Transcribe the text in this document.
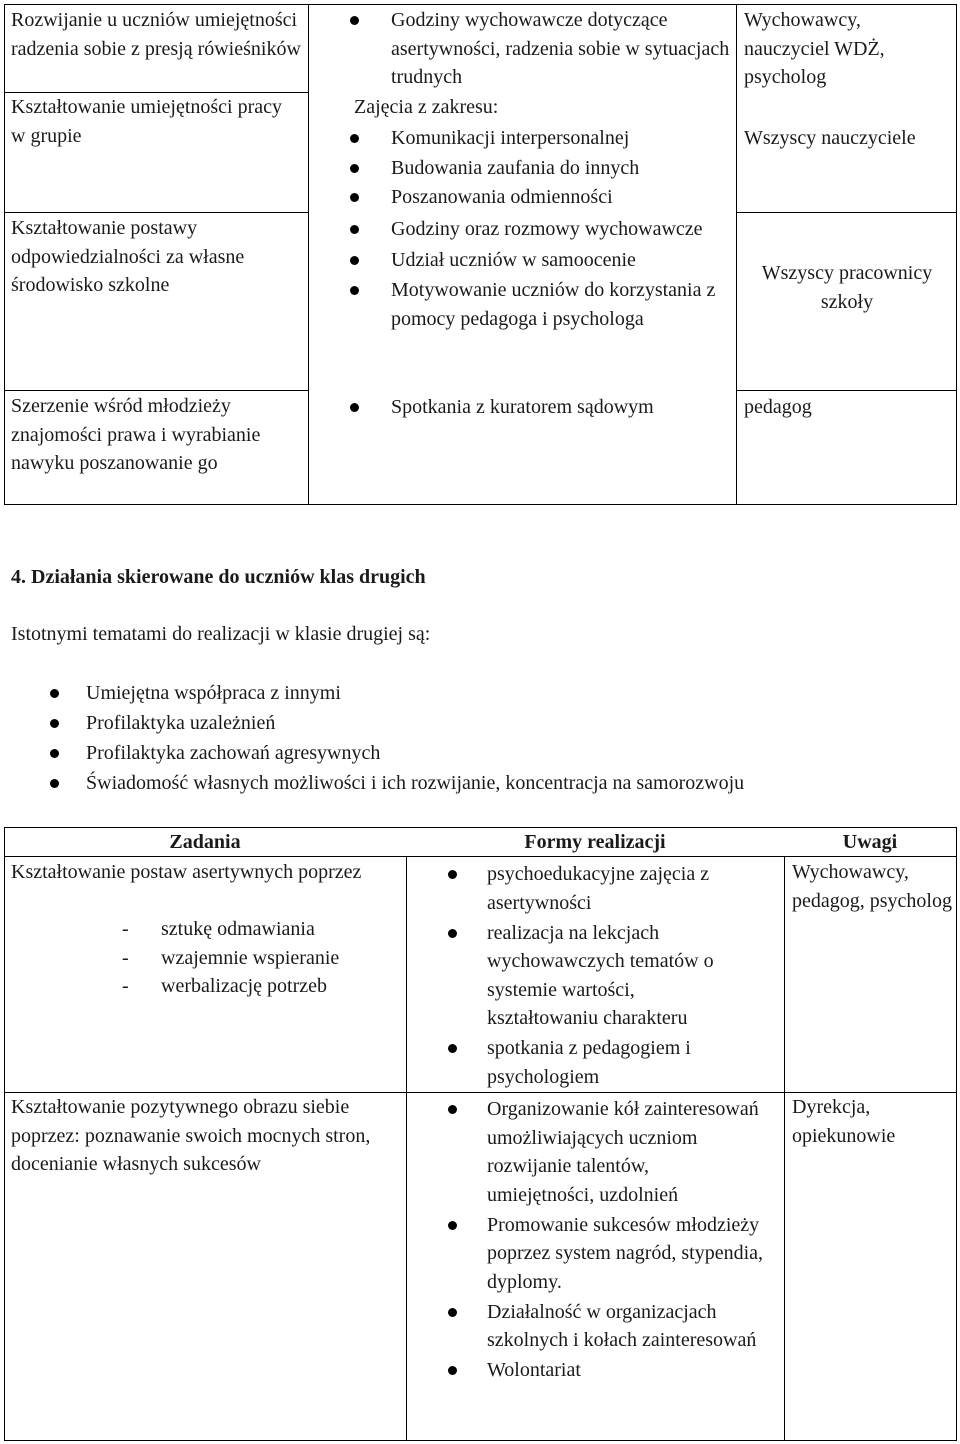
Rozwijanie u uczniów umiejętności radzenia sobie z presją rówieśników
Kształtowanie umiejętności pracy w grupie
Kształtowanie postawy odpowiedzialności za własne środowisko szkolne
Szerzenie wśród młodzieży znajomości prawa i wyrabianie nawyku poszanowanie go
Godziny wychowawcze dotyczące asertywności, radzenia sobie w sytuacjach trudnych
Zajęcia z zakresu:
Komunikacji interpersonalnej
Budowania zaufania do innych
Poszanowania odmienności
Godziny oraz rozmowy wychowawcze
Udział uczniów w samoocenie
Motywowanie uczniów do korzystania z pomocy pedagoga i psychologa
Spotkania z kuratorem sądowym
Wychowawcy, nauczyciel WDŻ, psycholog
Wszyscy nauczyciele
Wszyscy pracownicy szkoły
pedagog
4. Działania skierowane do uczniów klas drugich
Istotnymi tematami do realizacji w klasie drugiej są:
Umiejętna współpraca z innymi
Profilaktyka uzależnień
Profilaktyka zachowań agresywnych
Świadomość własnych możliwości i ich rozwijanie, koncentracja na samorozwoju
Zadania	Formy realizacji	Uwagi
Kształtowanie postaw asertywnych poprzez
- sztukę odmawiania
- wzajemnie wspieranie
- werbalizację potrzeb
psychoedukacyjne zajęcia z asertywności
realizacja na lekcjach wychowawczych tematów o systemie wartości, kształtowaniu charakteru
spotkania z pedagogiem i psychologiem
Wychowawcy, pedagog, psycholog
Kształtowanie pozytywnego obrazu siebie poprzez: poznawanie swoich mocnych stron, docenianie własnych sukcesów
Organizowanie kół zainteresowań umożliwiających uczniom rozwijanie talentów, umiejętności, uzdolnień
Promowanie sukcesów młodzieży poprzez system nagród, stypendia, dyplomy.
Działalność w organizacjach szkolnych i kołach zainteresowań
Wolontariat
Dyrekcja, opiekunowie
